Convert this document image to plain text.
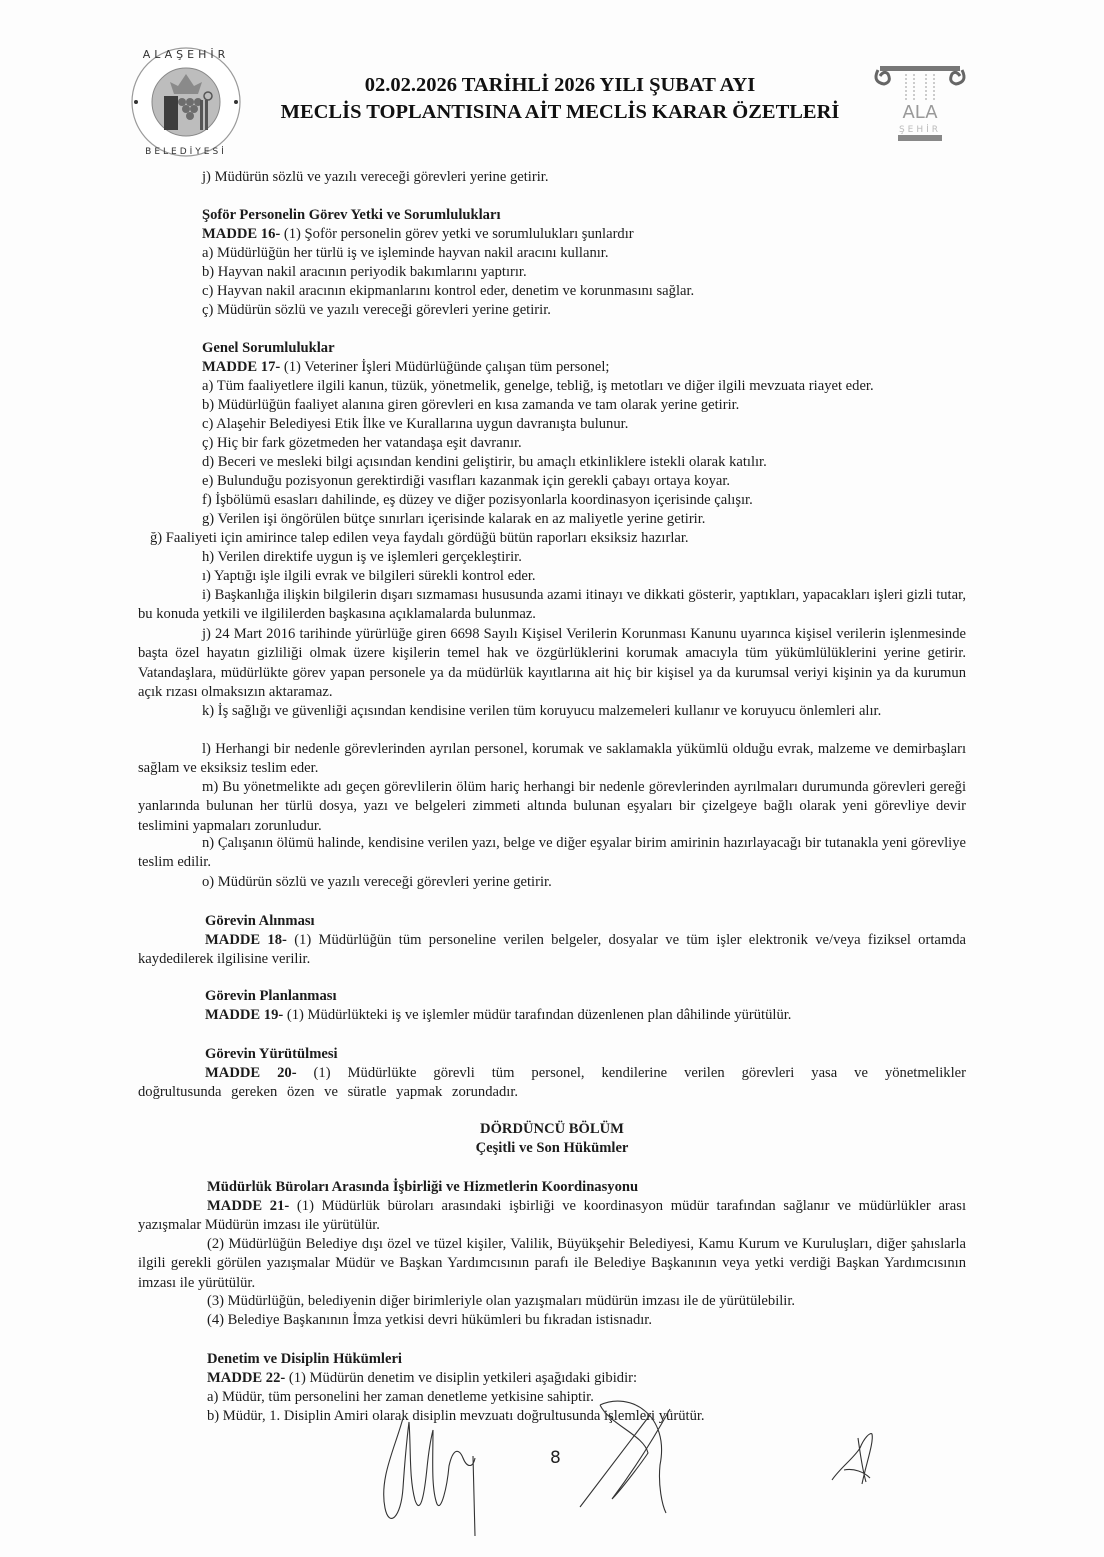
ALAŞEHİR
BELEDİYESİ
02.02.2026 TARİHLİ 2026 YILI ŞUBAT AYI
MECLİS TOPLANTISINA AİT MECLİS KARAR ÖZETLERİ	ALA
ŞEHİR
j) Müdürün sözlü ve yazılı vereceği görevleri yerine getirir.
Şoför Personelin Görev Yetki ve Sorumlulukları
MADDE 16- (1) Şoför personelin görev yetki ve sorumlulukları şunlardır
a) Müdürlüğün her türlü iş ve işleminde hayvan nakil aracını kullanır.
b) Hayvan nakil aracının periyodik bakımlarını yaptırır.
c) Hayvan nakil aracının ekipmanlarını kontrol eder, denetim ve korunmasını sağlar.
ç) Müdürün sözlü ve yazılı vereceği görevleri yerine getirir.
Genel Sorumluluklar
MADDE 17- (1) Veteriner İşleri Müdürlüğünde çalışan tüm personel;
a) Tüm faaliyetlere ilgili kanun, tüzük, yönetmelik, genelge, tebliğ, iş metotları ve diğer ilgili mevzuata riayet eder.
b) Müdürlüğün faaliyet alanına giren görevleri en kısa zamanda ve tam olarak yerine getirir.
c) Alaşehir Belediyesi Etik İlke ve Kurallarına uygun davranışta bulunur.
ç) Hiç bir fark gözetmeden her vatandaşa eşit davranır.
d) Beceri ve mesleki bilgi açısından kendini geliştirir, bu amaçlı etkinliklere istekli olarak katılır.
e) Bulunduğu pozisyonun gerektirdiği vasıfları kazanmak için gerekli çabayı ortaya koyar.
f) İşbölümü esasları dahilinde, eş düzey ve diğer pozisyonlarla koordinasyon içerisinde çalışır.
g) Verilen işi öngörülen bütçe sınırları içerisinde kalarak en az maliyetle yerine getirir.
ğ) Faaliyeti için amirince talep edilen veya faydalı gördüğü bütün raporları eksiksiz hazırlar.
h) Verilen direktife uygun iş ve işlemleri gerçekleştirir.
ı) Yaptığı işle ilgili evrak ve bilgileri sürekli kontrol eder.
i) Başkanlığa ilişkin bilgilerin dışarı sızmaması hususunda azami itinayı ve dikkati gösterir, yaptıkları, yapacakları işleri gizli tutar, bu konuda yetkili ve ilgililerden başkasına açıklamalarda bulunmaz.
j) 24 Mart 2016 tarihinde yürürlüğe giren 6698 Sayılı Kişisel Verilerin Korunması Kanunu uyarınca kişisel verilerin işlenmesinde başta özel hayatın gizliliği olmak üzere kişilerin temel hak ve özgürlüklerini korumak amacıyla tüm yükümlülüklerini yerine getirir. Vatandaşlara, müdürlükte görev yapan personele ya da müdürlük kayıtlarına ait hiç bir kişisel ya da kurumsal veriyi kişinin ya da kurumun açık rızası olmaksızın aktaramaz.
k) İş sağlığı ve güvenliği açısından kendisine verilen tüm koruyucu malzemeleri kullanır ve koruyucu önlemleri alır.
l) Herhangi bir nedenle görevlerinden ayrılan personel, korumak ve saklamakla yükümlü olduğu evrak, malzeme ve demirbaşları sağlam ve eksiksiz teslim eder.
m) Bu yönetmelikte adı geçen görevlilerin ölüm hariç herhangi bir nedenle görevlerinden ayrılmaları durumunda görevleri gereği yanlarında bulunan her türlü dosya, yazı ve belgeleri zimmeti altında bulunan eşyaları bir çizelgeye bağlı olarak yeni görevliye devir teslimini yapmaları zorunludur.
n) Çalışanın ölümü halinde, kendisine verilen yazı, belge ve diğer eşyalar birim amirinin hazırlayacağı bir tutanakla yeni görevliye teslim edilir.
o) Müdürün sözlü ve yazılı vereceği görevleri yerine getirir.
Görevin Alınması
MADDE 18- (1) Müdürlüğün tüm personeline verilen belgeler, dosyalar ve tüm işler elektronik ve/veya fiziksel ortamda kaydedilerek ilgilisine verilir.
Görevin Planlanması
MADDE 19- (1) Müdürlükteki iş ve işlemler müdür tarafından düzenlenen plan dâhilinde yürütülür.
Görevin Yürütülmesi
MADDE 20- (1) Müdürlükte görevli tüm personel, kendilerine verilen görevleri yasa ve yönetmelikler doğrultusunda gereken özen ve süratle yapmak zorundadır.
DÖRDÜNCÜ BÖLÜM
Çeşitli ve Son Hükümler
Müdürlük Büroları Arasında İşbirliği ve Hizmetlerin Koordinasyonu
MADDE 21- (1) Müdürlük büroları arasındaki işbirliği ve koordinasyon müdür tarafından sağlanır ve müdürlükler arası yazışmalar Müdürün imzası ile yürütülür.
(2) Müdürlüğün Belediye dışı özel ve tüzel kişiler, Valilik, Büyükşehir Belediyesi, Kamu Kurum ve Kuruluşları, diğer şahıslarla ilgili gerekli görülen yazışmalar Müdür ve Başkan Yardımcısının parafı ile Belediye Başkanının veya yetki verdiği Başkan Yardımcısının imzası ile yürütülür.
(3) Müdürlüğün, belediyenin diğer birimleriyle olan yazışmaları müdürün imzası ile de yürütülebilir.
(4) Belediye Başkanının İmza yetkisi devri hükümleri bu fıkradan istisnadır.
Denetim ve Disiplin Hükümleri
MADDE 22- (1) Müdürün denetim ve disiplin yetkileri aşağıdaki gibidir:
a) Müdür, tüm personelini her zaman denetleme yetkisine sahiptir.
b) Müdür, 1. Disiplin Amiri olarak disiplin mevzuatı doğrultusunda işlemleri yürütür.
8
